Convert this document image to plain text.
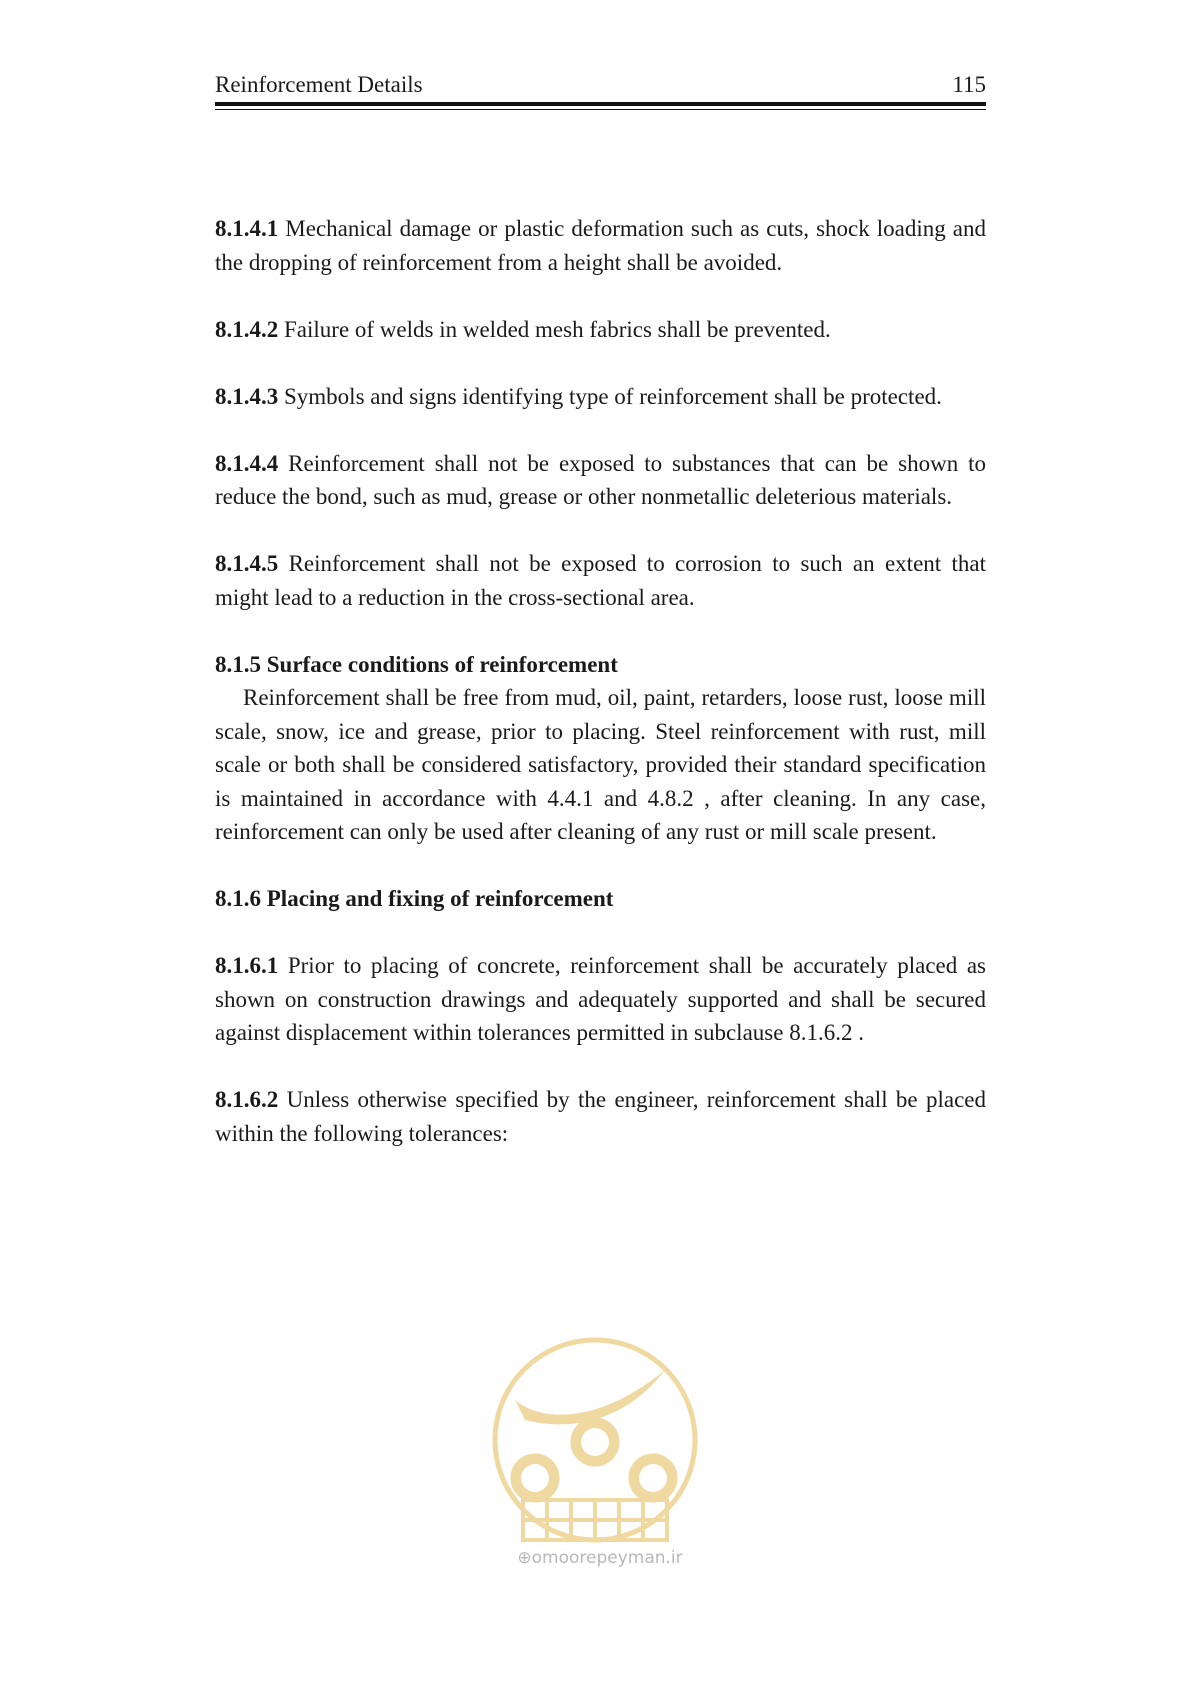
Reinforcement Details	115

8.1.4.1 Mechanical damage or plastic deformation such as cuts, shock loading and the dropping of reinforcement from a height shall be avoided.

8.1.4.2 Failure of welds in welded mesh fabrics shall be prevented.

8.1.4.3 Symbols and signs identifying type of reinforcement shall be protected.

8.1.4.4 Reinforcement shall not be exposed to substances that can be shown to reduce the bond, such as mud, grease or other nonmetallic deleterious materials.

8.1.4.5 Reinforcement shall not be exposed to corrosion to such an extent that might lead to a reduction in the cross-sectional area.

8.1.5 Surface conditions of reinforcement

Reinforcement shall be free from mud, oil, paint, retarders, loose rust, loose mill scale, snow, ice and grease, prior to placing. Steel reinforcement with rust, mill scale or both shall be considered satisfactory, provided their standard specification is maintained in accordance with 4.4.1 and 4.8.2 , after cleaning. In any case, reinforcement can only be used after cleaning of any rust or mill scale present.

8.1.6 Placing and fixing of reinforcement

8.1.6.1 Prior to placing of concrete, reinforcement shall be accurately placed as shown on construction drawings and adequately supported and shall be secured against displacement within tolerances permitted in subclause 8.1.6.2 .

8.1.6.2 Unless otherwise specified by the engineer, reinforcement shall be placed within the following tolerances:

⊕omoorepeyman.ir
